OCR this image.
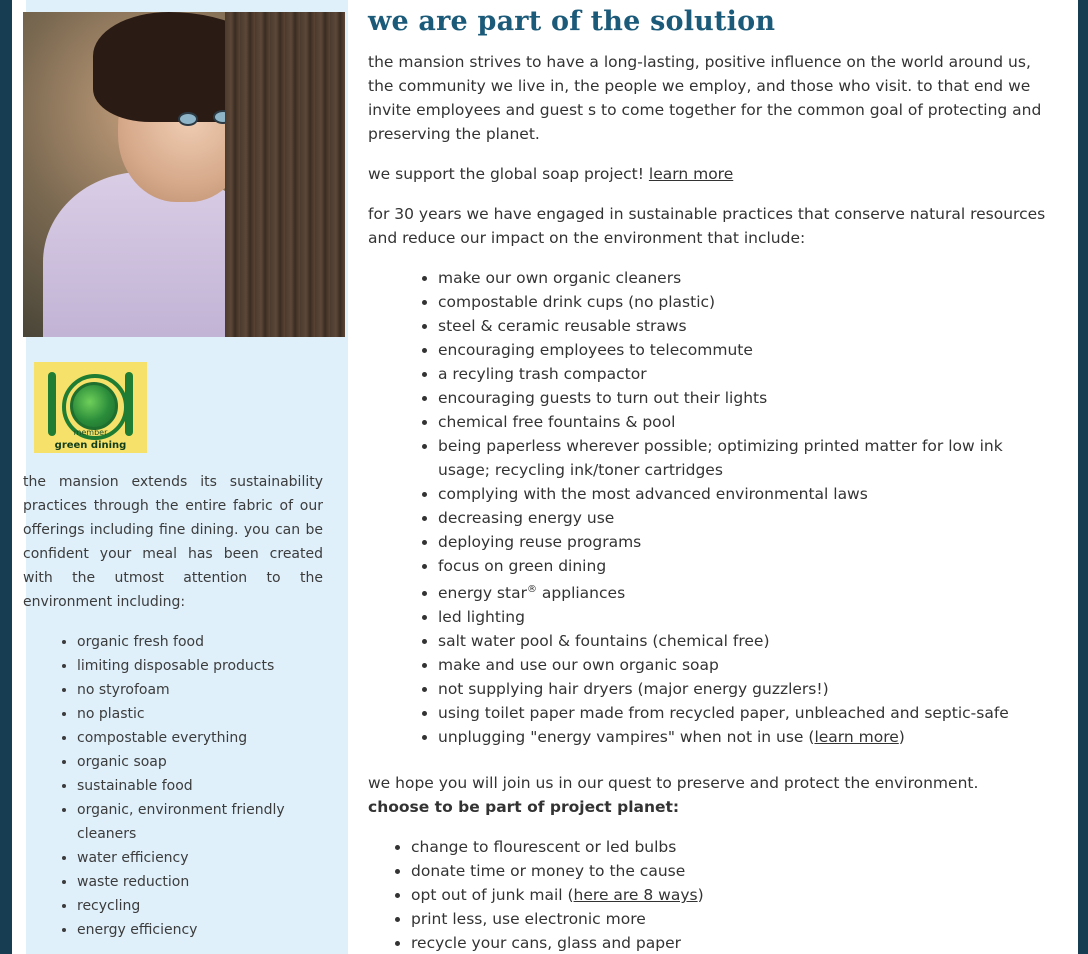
member
green dining
the mansion extends its sustainability practices through the entire fabric of our offerings including fine dining. you can be confident your meal has been created with the utmost attention to the environment including:
• organic fresh food
• limiting disposable products
• no styrofoam
• no plastic
• compostable everything
• organic soap
• sustainable food
• organic, environment friendly cleaners
• water efficiency
• waste reduction
• recycling
• energy efficiency
we are part of the solution

the mansion strives to have a long-lasting, positive influence on the world around us, the community we live in, the people we employ, and those who visit. to that end we invite employees and guest s to come together for the common goal of protecting and preserving the planet.

we support the global soap project! learn more

for 30 years we have engaged in sustainable practices that conserve natural resources and reduce our impact on the environment that include:

• make our own organic cleaners
• compostable drink cups (no plastic)
• steel & ceramic reusable straws
• encouraging employees to telecommute
• a recyling trash compactor
• encouraging guests to turn out their lights
• chemical free fountains & pool
• being paperless wherever possible; optimizing printed matter for low ink usage; recycling ink/toner cartridges
• complying with the most advanced environmental laws
• decreasing energy use
• deploying reuse programs
• focus on green dining
• energy star® appliances
• led lighting
• salt water pool & fountains (chemical free)
• make and use our own organic soap
• not supplying hair dryers (major energy guzzlers!)
• using toilet paper made from recycled paper, unbleached and septic-safe
• unplugging "energy vampires" when not in use (learn more)

we hope you will join us in our quest to preserve and protect the environment.

choose to be part of project planet:

• change to flourescent or led bulbs
• donate time or money to the cause
• opt out of junk mail (here are 8 ways)
• print less, use electronic more
• recycle your cans, glass and paper
